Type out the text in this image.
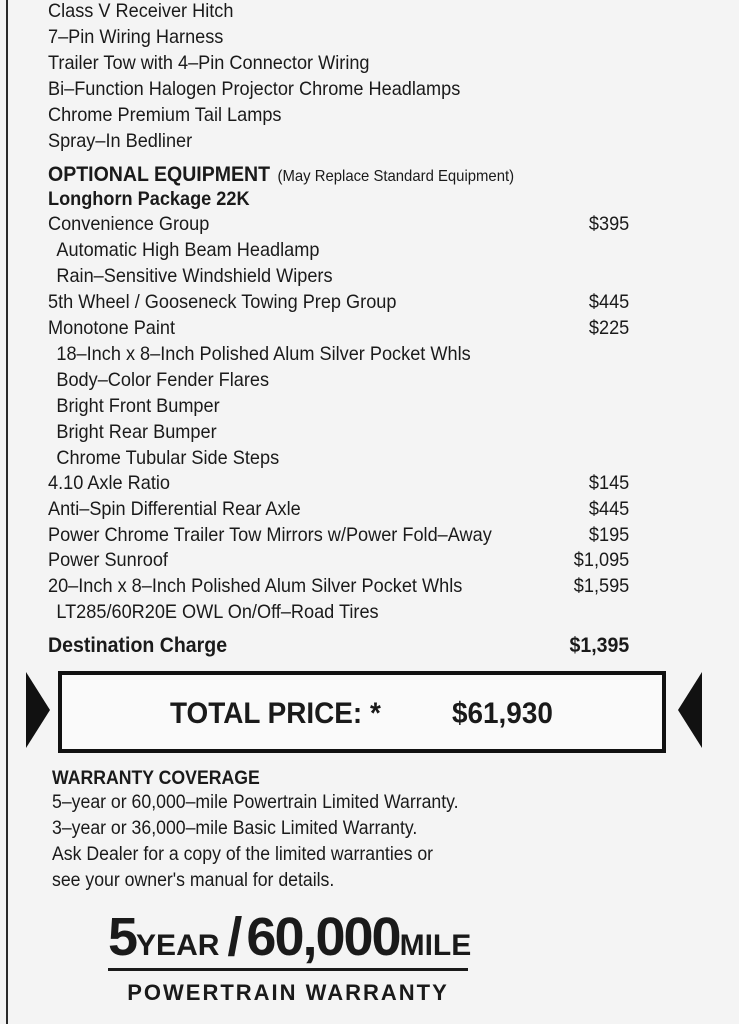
Class V Receiver Hitch
7–Pin Wiring Harness
Trailer Tow with 4–Pin Connector Wiring
Bi–Function Halogen Projector Chrome Headlamps
Chrome Premium Tail Lamps
Spray–In Bedliner
OPTIONAL EQUIPMENT (May Replace Standard Equipment)
Longhorn Package 22K
Convenience Group	$395
Automatic High Beam Headlamp
Rain–Sensitive Windshield Wipers
5th Wheel / Gooseneck Towing Prep Group	$445
Monotone Paint	$225
18–Inch x 8–Inch Polished Alum Silver Pocket Whls
Body–Color Fender Flares
Bright Front Bumper
Bright Rear Bumper
Chrome Tubular Side Steps
4.10 Axle Ratio	$145
Anti–Spin Differential Rear Axle	$445
Power Chrome Trailer Tow Mirrors w/Power Fold–Away	$195
Power Sunroof	$1,095
20–Inch x 8–Inch Polished Alum Silver Pocket Whls	$1,595
LT285/60R20E OWL On/Off–Road Tires
Destination Charge	$1,395
TOTAL PRICE: * $61,930
WARRANTY COVERAGE
5–year or 60,000–mile Powertrain Limited Warranty.
3–year or 36,000–mile Basic Limited Warranty.
Ask Dealer for a copy of the limited warranties or
see your owner's manual for details.
5YEAR / 60,000MILE
POWERTRAIN WARRANTY
